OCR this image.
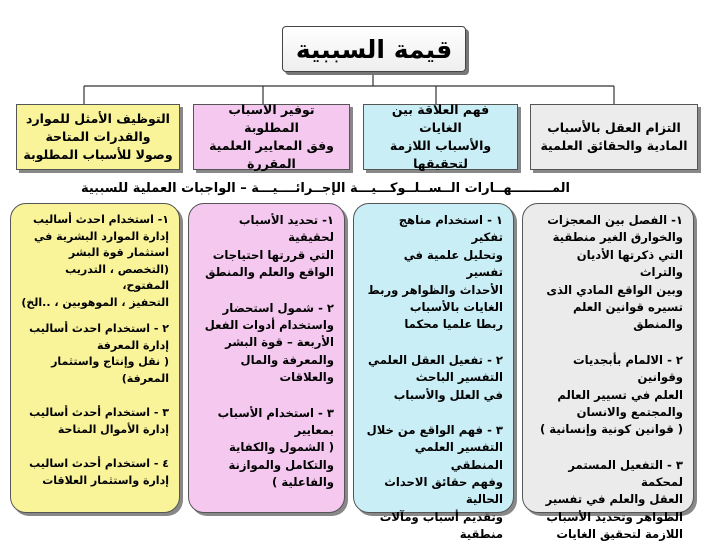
قيمة السببية
التزام العقل بالأسباب
المادية والحقائق العلمية
فهم العلاقة بين الغايات
والأسباب اللازمة لتحقيقها
توفير الاسباب المطلوبة
وفق المعايير العلمية المقررة
التوظيف الأمثل للموارد
والقدرات المتاحة
وصولا للأسباب المطلوبة
المـــــــــهــارات الــســلــوكـــيـــة الإجــرائــــيـــة – الواجبات العملية للسببية

١- الفصل بين المعجزات
والخوارق الغير منطقية
التي ذكرتها الأديان والتراث
وبين الواقع المادي الذى
تسيره قوانين العلم والمنطق

٢ - الالمام بأبجديات وقوانين
العلم في تسيير العالم
والمجتمع والانسان
( قوانين كونية وإنسانية )

٣ - التفعيل المستمر لمحكمة
العقل والعلم في تفسير
الظواهر وتحديد الأسباب
اللازمة لتحقيق الغايات

١ - استخدام مناهج تفكير
وتحليل علمية في تفسير
الأحداث والظواهر وربط
الغايات بالأسباب
ربطا علميا محكما

٢ - تفعيل العقل العلمي
التفسير الباحث
في العلل والأسباب

٣ - فهم الواقع من خلال
التفسير العلمي المنطقي
وفهم حقائق الاحداث الحالية
وتقديم أسباب ومآلات منطقية

١- تحديد الأسباب لحقيقية
التي قررتها احتياجات
الواقع والعلم والمنطق

٢ - شمول استحضار
واستخدام أدوات الفعل
الأربعة – قوة البشر
والمعرفة والمال والعلاقات

٣ - استخدام الأسباب بمعايير
( الشمول والكفاية
والتكامل والموازنة
والفاعلية )

١- استخدام احدث أساليب
إدارة الموارد البشرية في
استثمار قوة البشر
(التخصص ، التدريب المفتوح،
التحفيز ، الموهوبين ، ..الخ)

٢ - استخدام احدث أساليب
إدارة المعرفة
( نقل وإنتاج واستثمار المعرفة)

٣ - استخدام أحدث أساليب
إدارة الأموال المتاحة

٤ - استخدام أحدث اساليب
إدارة واستثمار العلاقات
